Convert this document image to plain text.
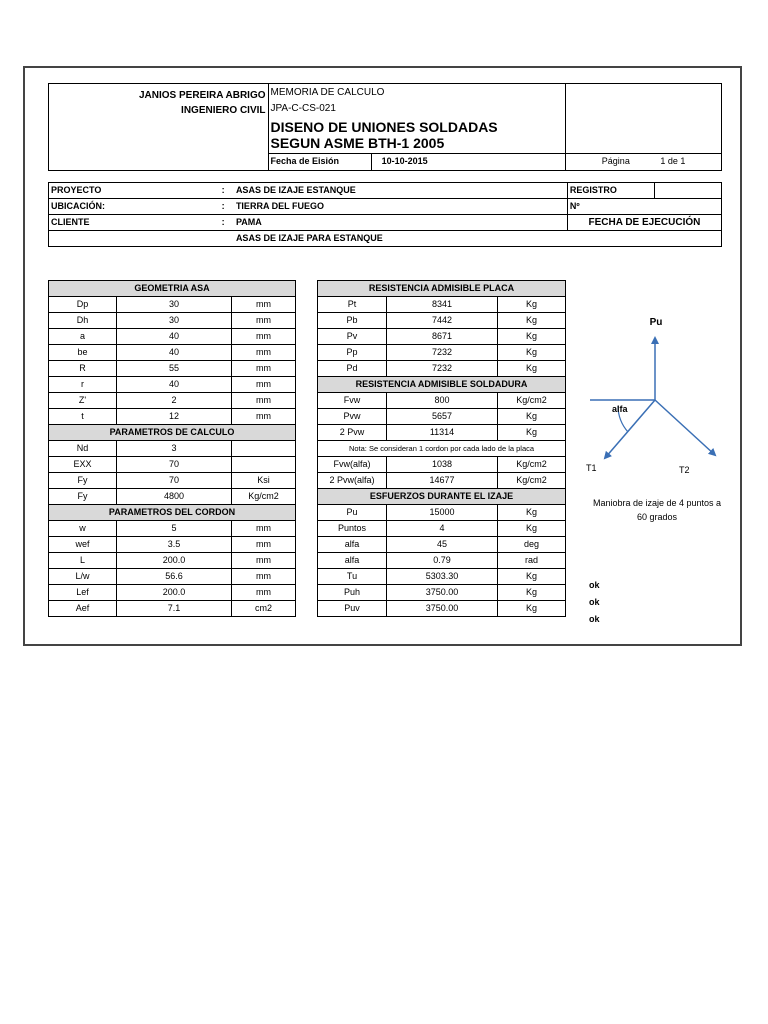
JANIOS PEREIRA ABRIGO
INGENIERO CIVIL	MEMORIA DE CALCULO		
	JPA-C-CS-021		

	DISENO DE UNIONES SOLDADAS
SEGUN ASME BTH-1 2005		

	Fecha de Eisión	10-10-2015	Página 1 de 1
PROYECTO	:	ASAS DE IZAJE ESTANQUE	REGISTRO	
UBICACIÓN:	:	TIERRA DEL FUEGO	Nº	
CLIENTE	:	PAMA	FECHA DE EJECUCIÓN	
		ASAS DE IZAJE PARA ESTANQUE		
GEOMETRIA ASA		
Dp	30	mm
Dh	30	mm
a	40	mm
be	40	mm
R	55	mm
r	40	mm
Z'	2	mm
t	12	mm
PARAMETROS DE CALCULO		
Nd	3	
EXX	70	
Fy	70	Ksi
Fy	4800	Kg/cm2
PARAMETROS DEL CORDON		
w	5	mm
wef	3.5	mm
L	200.0	mm
L/w	56.6	mm
Lef	200.0	mm
Aef	7.1	cm2
RESISTENCIA ADMISIBLE PLACA		
Pt	8341	Kg
Pb	7442	Kg
Pv	8671	Kg
Pp	7232	Kg
Pd	7232	Kg
RESISTENCIA ADMISIBLE SOLDADURA		
Fvw	800	Kg/cm2
Pvw	5657	Kg
2 Pvw	11314	Kg
Nota: Se consideran 1 cordon por cada lado de la placa		
Fvw(alfa)	1038	Kg/cm2
2 Pvw(alfa)	14677	Kg/cm2
ESFUERZOS DURANTE EL IZAJE		
Pu	15000	Kg
Puntos	4	Kg
alfa	45	deg
alfa	0.79	rad
Tu	5303.30	Kg
Puh	3750.00	Kg
Puv	3750.00	Kg
ok
ok
ok
Pu
alfa
T1	T2
Maniobra de izaje de 4 puntos a
60 grados
